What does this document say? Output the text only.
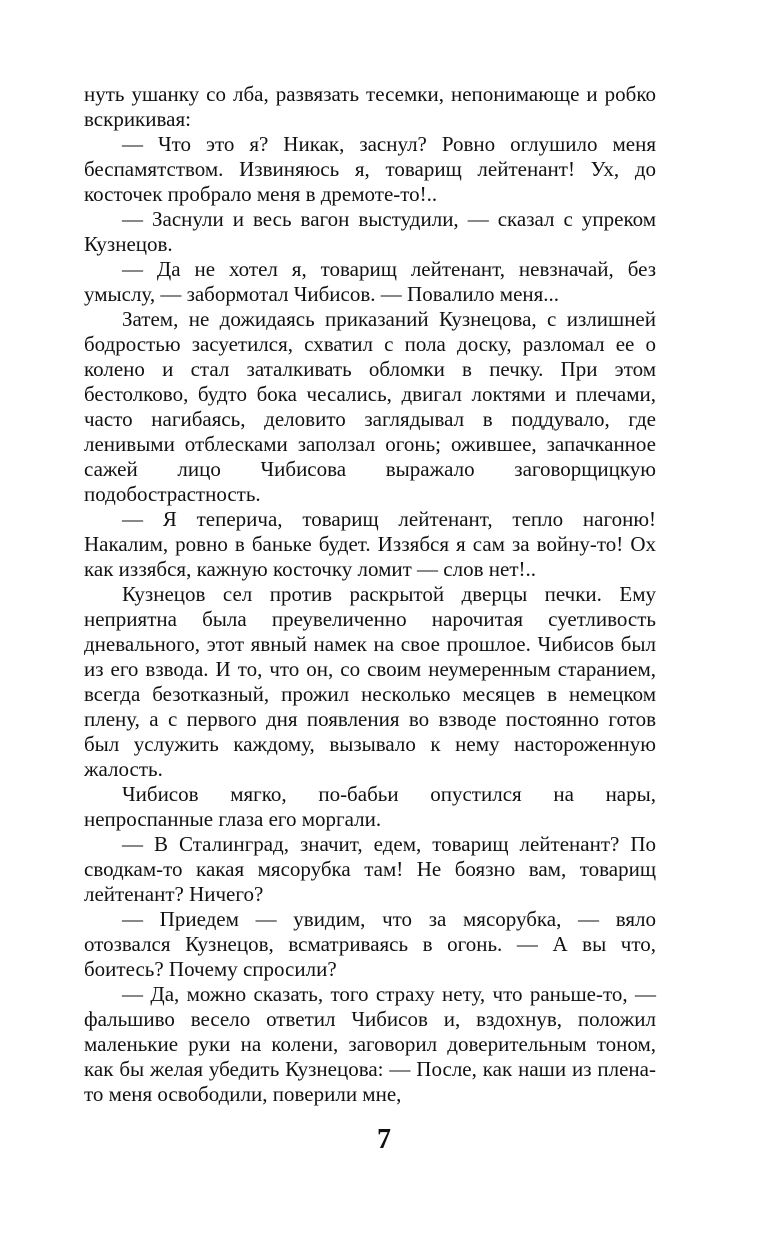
нуть ушанку со лба, развязать тесемки, непонимающе и робко вскрикивая:

— Что это я? Никак, заснул? Ровно оглушило меня беспамятством. Извиняюсь я, товарищ лейтенант! Ух, до косточек пробрало меня в дремоте-то!..

— Заснули и весь вагон выстудили, — сказал с упреком Кузнецов.

— Да не хотел я, товарищ лейтенант, невзначай, без умыслу, — забормотал Чибисов. — Повалило меня...

Затем, не дожидаясь приказаний Кузнецова, с излишней бодростью засуетился, схватил с пола доску, разломал ее о колено и стал заталкивать обломки в печку. При этом бестолково, будто бока чесались, двигал локтями и плечами, часто нагибаясь, деловито заглядывал в поддувало, где ленивыми отблесками заползал огонь; ожившее, запачканное сажей лицо Чибисова выражало заговорщицкую подобострастность.

— Я теперича, товарищ лейтенант, тепло нагоню! Накалим, ровно в баньке будет. Иззябся я сам за войну-то! Ох как иззябся, кажную косточку ломит — слов нет!..

Кузнецов сел против раскрытой дверцы печки. Ему неприятна была преувеличенно нарочитая суетливость дневального, этот явный намек на свое прошлое. Чибисов был из его взвода. И то, что он, со своим неумеренным старанием, всегда безотказный, прожил несколько месяцев в немецком плену, а с первого дня появления во взводе постоянно готов был услужить каждому, вызывало к нему настороженную жалость.

Чибисов мягко, по-бабьи опустился на нары, непроспанные глаза его моргали.

— В Сталинград, значит, едем, товарищ лейтенант? По сводкам-то какая мясорубка там! Не боязно вам, товарищ лейтенант? Ничего?

— Приедем — увидим, что за мясорубка, — вяло отозвался Кузнецов, всматриваясь в огонь. — А вы что, боитесь? Почему спросили?

— Да, можно сказать, того страху нету, что раньше-то, — фальшиво весело ответил Чибисов и, вздохнув, положил маленькие руки на колени, заговорил доверительным тоном, как бы желая убедить Кузнецова: — После, как наши из плена-то меня освободили, поверили мне,

7
